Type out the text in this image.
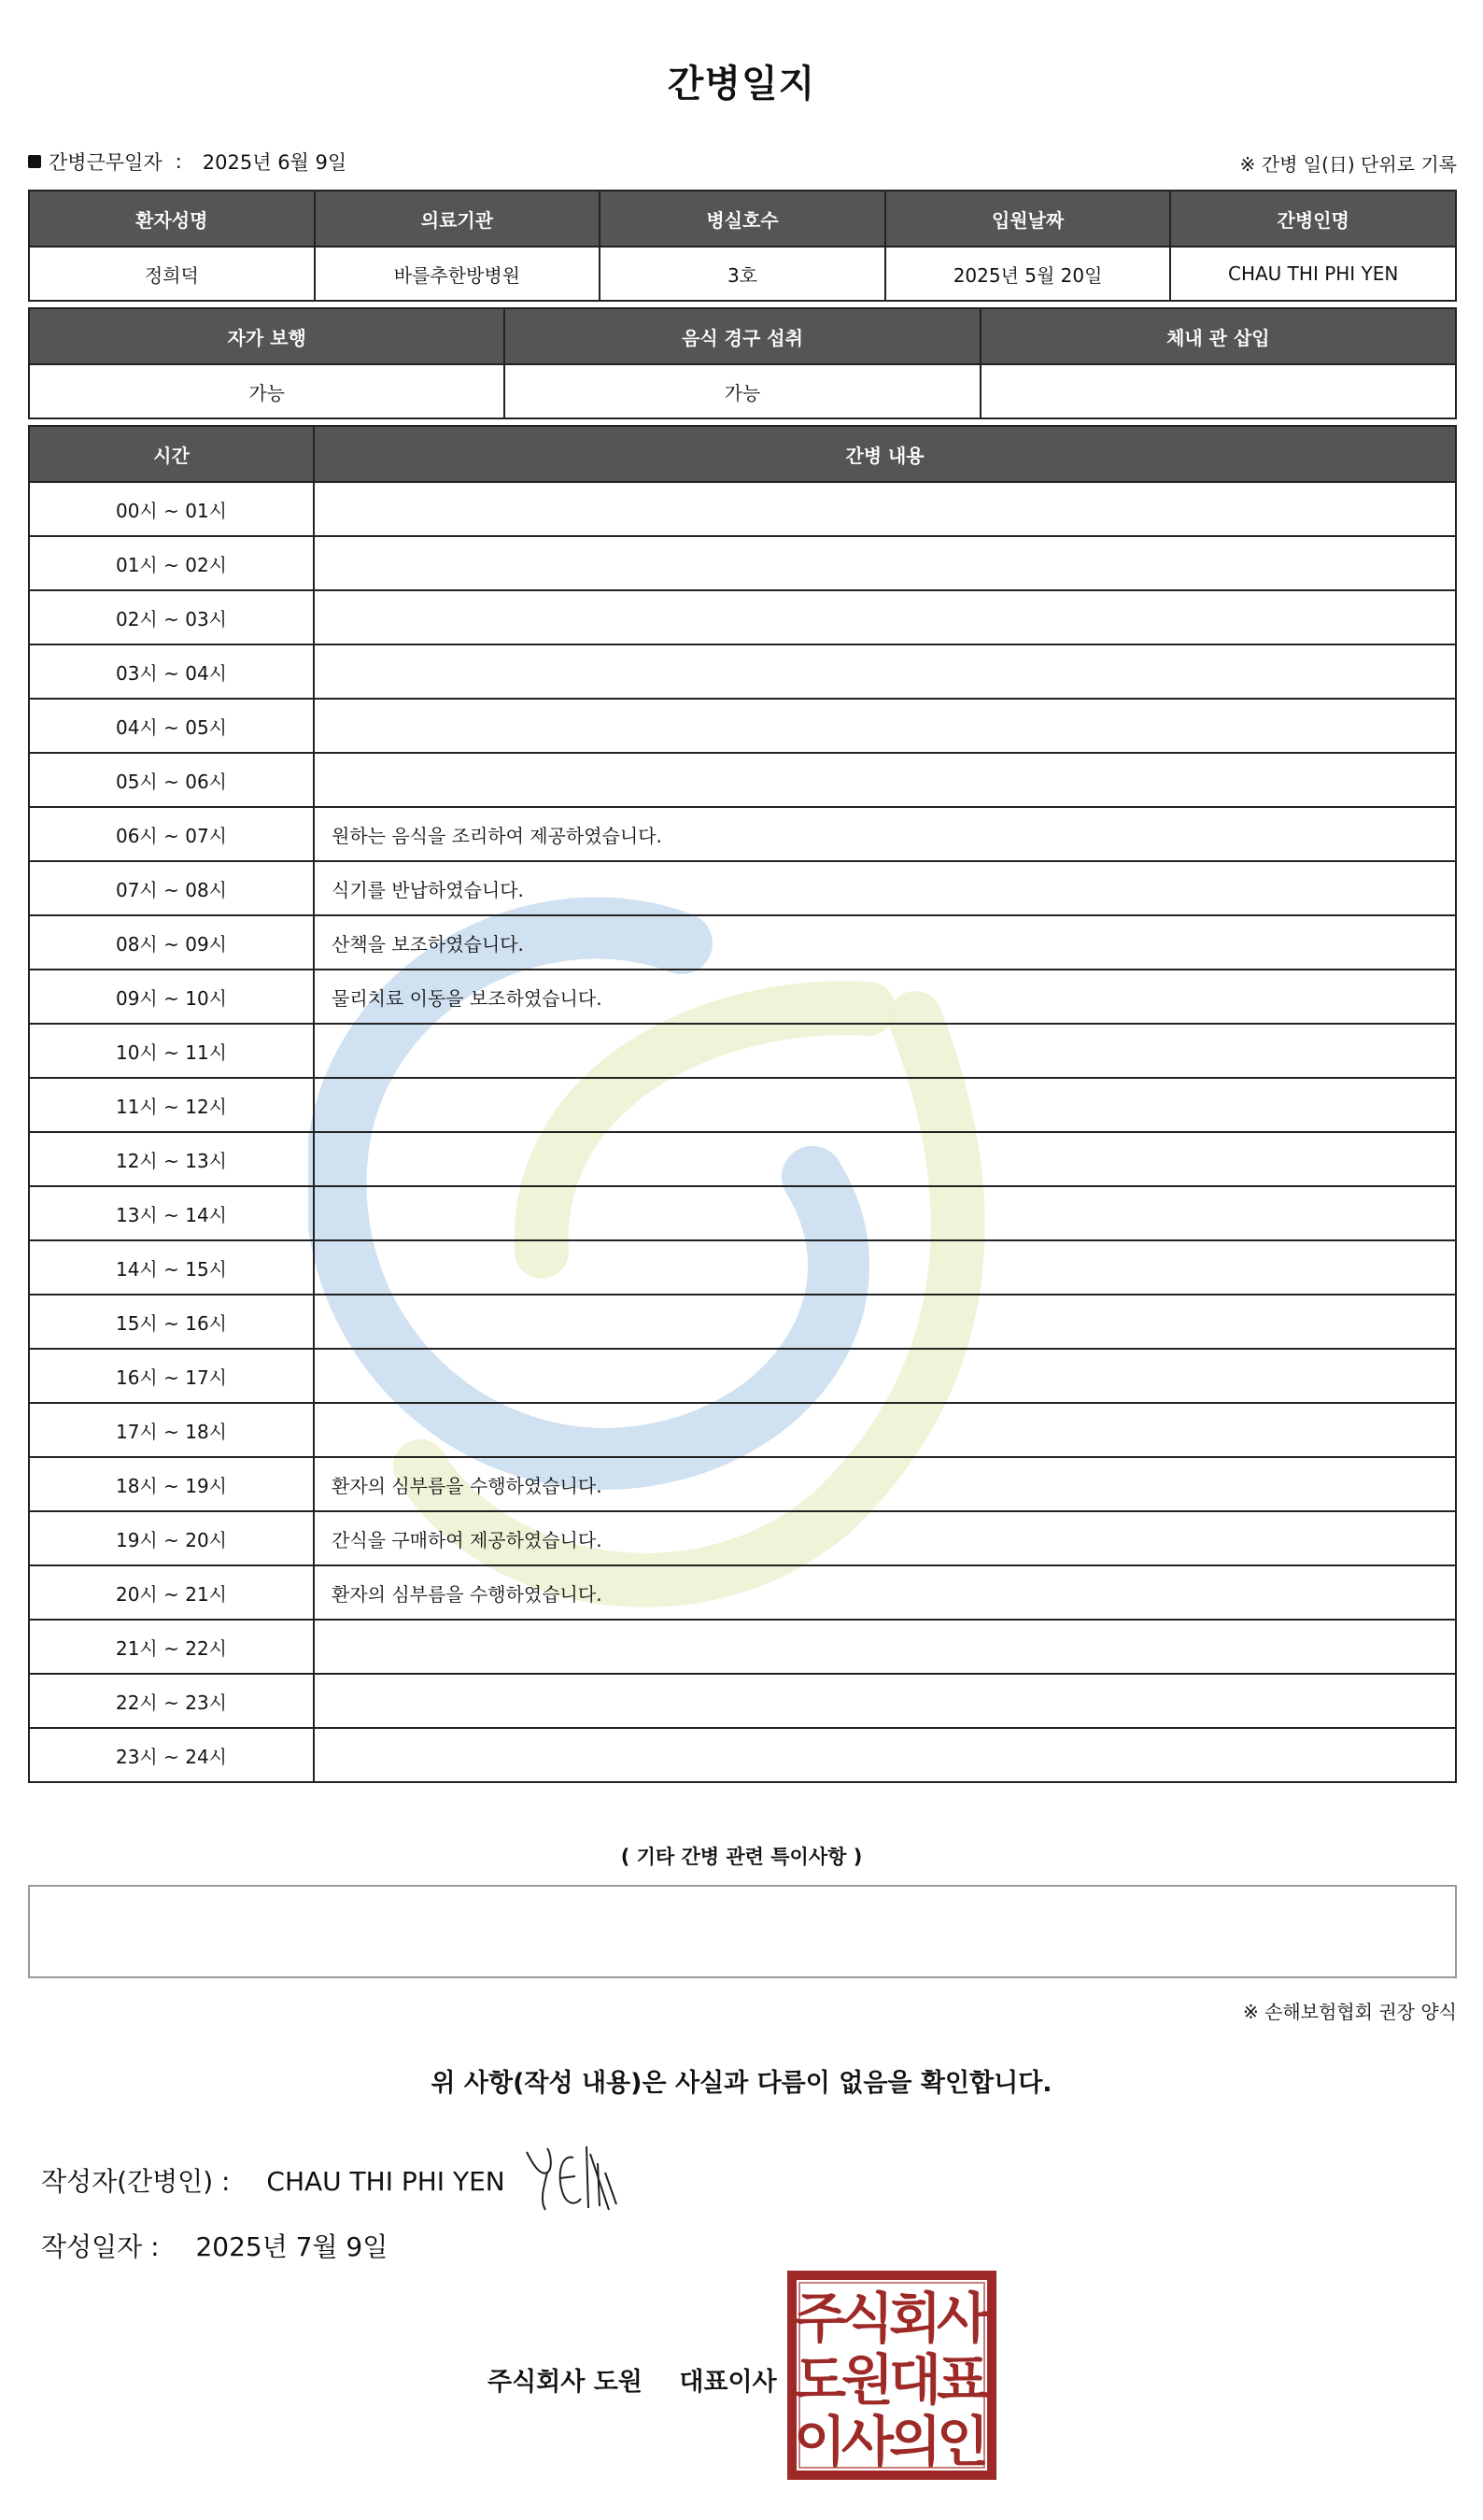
간병일지
간병근무일자 : 2025년 6월 9일	※ 간병 일(日) 단위로 기록
환자성명	의료기관	병실호수	입원날짜	간병인명
정희덕	바를추한방병원	3호	2025년 5월 20일	CHAU THI PHI YEN
자가 보행	음식 경구 섭취	체내 관 삽입
가능	가능	
시간	간병 내용
00시 ~ 01시	
01시 ~ 02시	
02시 ~ 03시	
03시 ~ 04시	
04시 ~ 05시	
05시 ~ 06시	
06시 ~ 07시	원하는 음식을 조리하여 제공하였습니다.
07시 ~ 08시	식기를 반납하였습니다.
08시 ~ 09시	산책을 보조하였습니다.
09시 ~ 10시	물리치료 이동을 보조하였습니다.
10시 ~ 11시	
11시 ~ 12시	
12시 ~ 13시	
13시 ~ 14시	
14시 ~ 15시	
15시 ~ 16시	
16시 ~ 17시	
17시 ~ 18시	
18시 ~ 19시	환자의 심부름을 수행하였습니다.
19시 ~ 20시	간식을 구매하여 제공하였습니다.
20시 ~ 21시	환자의 심부름을 수행하였습니다.
21시 ~ 22시	
22시 ~ 23시	
23시 ~ 24시	
( 기타 간병 관련 특이사항 )
※ 손해보험협회 권장 양식
위 사항(작성 내용)은 사실과 다름이 없음을 확인합니다.
작성자(간병인) : CHAU THI PHI YEN
작성일자 : 2025년 7월 9일
주식회사 도원 대표이사
주
식
회
사
도
원
대
표
이
사
의
인
